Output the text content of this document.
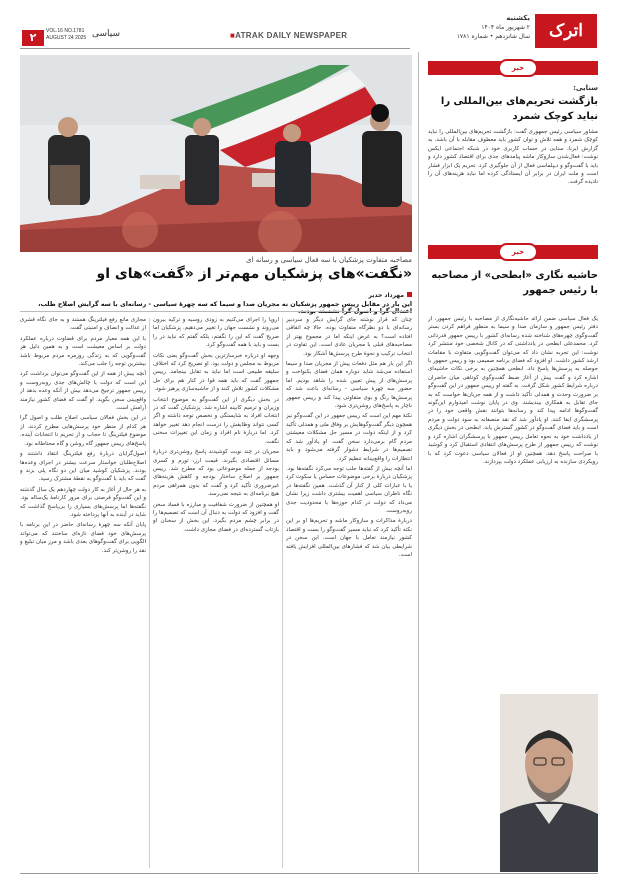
۲	VOL.16 NO.1781
AUGUST 24 2025 سیاسی	■ATRAK DAILY NEWSPAPER
یکشنبه
۲ شهریور ماه ۱۴۰۴
سال شانزدهم • شماره ۱۷۸۱	اترک
مصاحبه متفاوت پزشکیان با سه فعال سیاسی و رسانه ای
«نگفت»‌های پزشکیان مهم‌تر از «گفت»‌های او
مهرداد خدیر
این بار در مقابل رییس جمهور پزشکیان نه مجریان صدا و سیما که سه چهرهٔ سیاسی - رسانه‌ای با سه گرایش اصلاح طلب،

چنان که قرار نوشته جای گرایش دیگر و سردبیر رسانه‌ای با دو نظرگاه متفاوت بوده. حالا چه اتفاقی افتاده است؟ به غرض اینکه اما در مجموع بهتر از مصاحبه‌های قبلی با مجریان عادی است. این تفاوت در انتخاب ترکیب و نحوهٔ طرح پرسش‌ها آشکار بود.

اگر این بار هم مثل دفعات پیش از مجریان صدا و سیما استفاده می‌شد شاید دوباره همان فضای یکنواخت و پرسش‌های از پیش تعیین شده را شاهد بودیم. اما حضور سه چهرهٔ سیاسی - رسانه‌ای باعث شد که پرسش‌ها رنگ و بوی متفاوتی پیدا کند و رییس جمهور ناچار به پاسخ‌های روشن‌تری شود.

نکتهٔ مهم این است که رییس جمهور در این گفت‌وگو نیز همچون دیگر گفت‌وگوهایش بر وفاق ملی و همدلی تأکید کرد و از اینکه دولت در مسیر حل مشکلات معیشتی مردم گام برمی‌دارد سخن گفت. او یادآور شد که تصمیم‌ها در شرایط دشوار گرفته می‌شود و باید انتظارات را واقع‌بینانه تنظیم کرد.

اما آنچه بیش از گفته‌ها جلب توجه می‌کرد نگفته‌ها بود. پزشکیان دربارهٔ برخی موضوعات حساس یا سکوت کرد یا با عبارات کلی از کنار آن گذشت. همین نگفته‌ها در نگاه ناظران سیاسی اهمیت بیشتری داشت زیرا نشان می‌داد که دولت در کدام حوزه‌ها با محدودیت جدی روبه‌روست.

دربارهٔ مذاکرات و سازوکار ماشه و تحریم‌ها او بر این نکته تأکید کرد که نباید مسیر گفت‌وگو را بست و اقتصاد کشور نیازمند تعامل با جهان است. این سخن در شرایطی بیان شد که فشارهای بین‌المللی افزایش یافته است.

اروپا را اجرای می‌کنیم به زودی روسیه و ترکیه بیرون می‌روند و نشست جهان را تغییر می‌دهیم. پزشکیان اما صریح گفت که این را نگفتم، بلکه گفتم که نباید در را بست و باید با همه گفت‌وگو کرد.

وجهه او درباره خبرسازترین بخش گفت‌وگو یعنی نکات مربوط به مجلس و دولت بود. او تصریح کرد که اختلاف سلیقه طبیعی است اما نباید به تقابل بینجامد. رییس جمهور گفت که باید همه قوا در کنار هم برای حل مشکلات کشور تلاش کنند و از حاشیه‌سازی پرهیز شود.

در بخش دیگری از این گفت‌وگو به موضوع انتخاب وزیران و ترمیم کابینه اشاره شد. پزشکیان گفت که در انتخاب افراد به شایستگی و تخصص توجه داشته و اگر کسی نتواند وظایفش را درست انجام دهد تغییر خواهد کرد. اما دربارهٔ نام افراد و زمان این تغییرات سخنی نگفت.

مجریان در چند نوبت کوشیدند پاسخ روشن‌تری دربارهٔ مسائل اقتصادی بگیرند. قیمت ارز، تورم و کسری بودجه از جمله موضوعاتی بود که مطرح شد. رییس جمهور بر اصلاح ساختار بودجه و کاهش هزینه‌های غیرضروری تأکید کرد و گفت که بدون همراهی مردم هیچ برنامه‌ای به نتیجه نمی‌رسد.

او همچنین از ضرورت شفافیت و مبارزه با فساد سخن گفت و افزود که دولت به دنبال آن است که تصمیم‌ها را در برابر چشم مردم بگیرد. این بخش از سخنان او بازتاب گسترده‌ای در فضای مجازی داشت.

مجازی مانع رفع فیلترینگ هستند و به جای نگاه قشری از عدالت و انصاف و امنیتی گفت.

با این همه معیار مردم برای قضاوت درباره عملکرد دولت بر اساس معیشت است و به همین دلیل هر گفت‌وگویی که به زندگی روزمره مردم مربوط باشد بیشترین توجه را جلب می‌کند.

آنچه بیش از همه از این گفت‌وگو می‌توان برداشت کرد این است که دولت با چالش‌های جدی روبه‌روست و رییس جمهور ترجیح می‌دهد بیش از آنکه وعده بدهد از واقع‌بینی سخن بگوید. او گفت که فضای کشور نیازمند آرامش است.

در این بخش فعالان سیاسی اصلاح طلب و اصول گرا هر کدام از منظر خود پرسش‌هایی مطرح کردند. از موضوع فیلترینگ تا حجاب و از تحریم تا انتخابات آینده. پاسخ‌های رییس جمهور گاه روشن و گاه محتاطانه بود.

اصول‌گرایان دربارهٔ رفع فیلترینگ انتقاد داشتند و اصلاح‌طلبان خواستار سرعت بیشتر در اجرای وعده‌ها بودند. پزشکیان کوشید میان این دو نگاه پلی بزند و گفت که باید با گفت‌وگو به نقطهٔ مشترک رسید.

به هر حال از آغاز به کار دولت چهاردهم یک سال گذشته و این گفت‌وگو فرصتی برای مرور کارنامهٔ یک‌ساله بود. نگفته‌ها اما پرسش‌های بسیاری را بی‌پاسخ گذاشت که شاید در آینده به آنها پرداخته شود.

پایان آنکه سه چهرهٔ رسانه‌ای حاضر در این برنامه با پرسش‌های خود فضای تازه‌ای ساختند که می‌تواند الگویی برای گفت‌وگوهای بعدی باشد و مرز میان تبلیغ و نقد را روشن‌تر کند.

خبر
سنایی:
بازگشت تحریم‌های بین‌المللی را نباید کوچک شمرد
مشاور سیاسی رئیس جمهوری گفت: بازگشت تحریم‌های بین‌المللی را نباید کوچک شمرد و همه تلاش و توان کشور باید معطوف مقابله با آن باشد. به گزارش ایرنا، سنایی در حساب کاربری خود در شبکه اجتماعی ایکس نوشت: فعال‌شدن سازوکار ماشه پیامدهای جدی برای اقتصاد کشور دارد و باید با گفت‌وگو و دیپلماسی فعال از آن جلوگیری کرد. تحریم یک ابزار فشار است و ملت ایران در برابر آن ایستادگی کرده اما نباید هزینه‌های آن را نادیده گرفت.
خبر
حاشیه نگاری «ابطحی» از مصاحبه با رئیس جمهور
یک فعال سیاسی ضمن ارائه حاشیه‌نگاری از مصاحبه با رئیس جمهور، از دفتر رئیس جمهور و سازمان صدا و سیما به منظور فراهم کردن بستر گفت‌وگوی چهره‌های شناخته شده رسانه‌ای کشور با رییس جمهور قدردانی کرد. محمدعلی ابطحی در یادداشتی که در کانال شخصی خود منتشر کرد نوشت: این تجربه نشان داد که می‌توان گفت‌وگویی متفاوت با مقامات ارشد کشور داشت. او افزود که فضای برنامه صمیمی بود و رییس جمهور با حوصله به پرسش‌ها پاسخ داد. ابطحی همچنین به برخی نکات حاشیه‌ای اشاره کرد و گفت پیش از آغاز ضبط گفت‌وگوی کوتاهی میان حاضران درباره شرایط کشور شکل گرفت. به گفته او رییس جمهور در این گفت‌وگو بر ضرورت وحدت و همدلی تأکید داشت و از همه جریان‌ها خواست که به جای تقابل به همکاری بیندیشند. وی در پایان نوشت امیدوارم این‌گونه گفت‌وگوها ادامه پیدا کند و رسانه‌ها بتوانند نقش واقعی خود را در پرسشگری ایفا کنند. او یادآور شد که نقد منصفانه به سود دولت و مردم است و باید فضای گفت‌وگو در کشور گسترش یابد. ابطحی در بخش دیگری از یادداشت خود به نحوه تعامل رییس جمهور با پرسشگران اشاره کرد و نوشت که رییس جمهور از طرح پرسش‌های انتقادی استقبال کرد و کوشید با صراحت پاسخ دهد. همچنین او از فعالان سیاسی دعوت کرد که با رویکردی سازنده به ارزیابی عملکرد دولت بپردازند.
